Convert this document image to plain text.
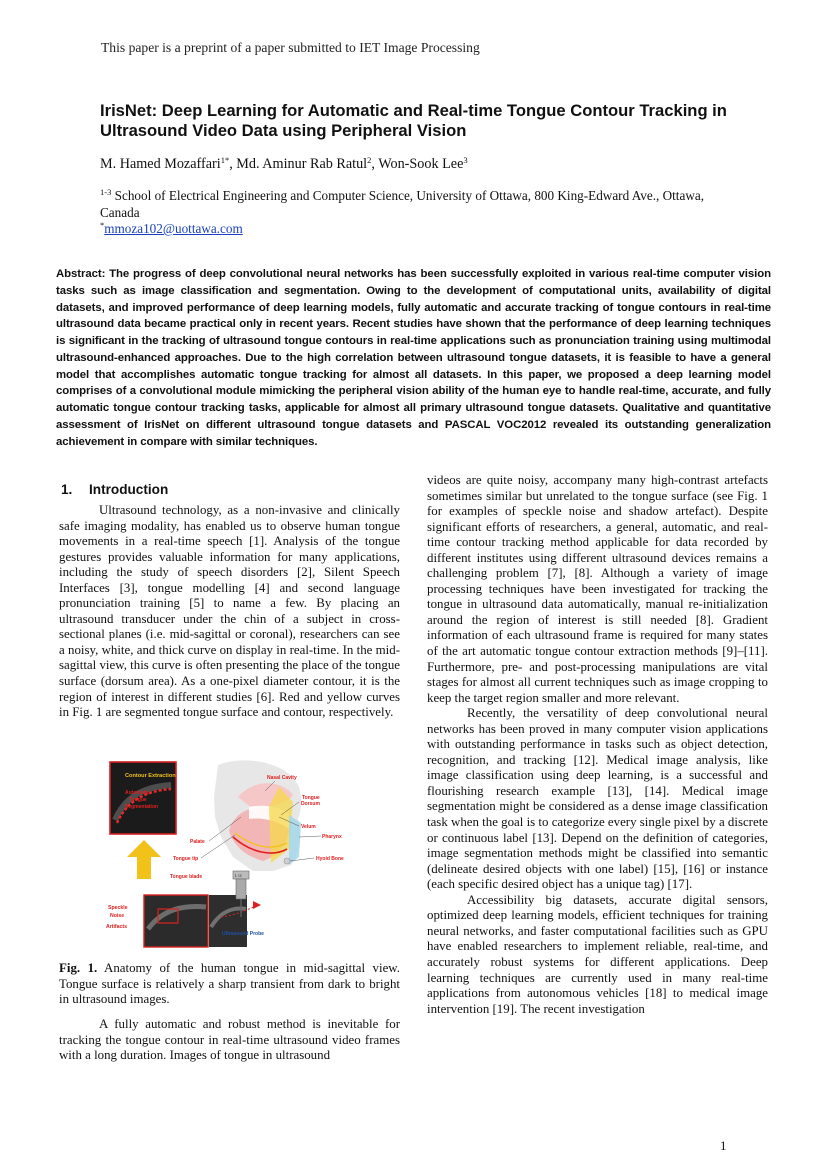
This paper is a preprint of a paper submitted to IET Image Processing
IrisNet: Deep Learning for Automatic and Real-time Tongue Contour Tracking in Ultrasound Video Data using Peripheral Vision
M. Hamed Mozaffari$^{1*}$, Md. Aminur Rab Ratul$^2$, Won-Sook Lee$^3$
$^{1-3}$ School of Electrical Engineering and Computer Science, University of Ottawa, 800 King-Edward Ave., Ottawa, Canada
*mmoza102@uottawa.com
Abstract: The progress of deep convolutional neural networks has been successfully exploited in various real-time computer vision tasks such as image classification and segmentation. Owing to the development of computational units, availability of digital datasets, and improved performance of deep learning models, fully automatic and accurate tracking of tongue contours in real-time ultrasound data became practical only in recent years. Recent studies have shown that the performance of deep learning techniques is significant in the tracking of ultrasound tongue contours in real-time applications such as pronunciation training using multimodal ultrasound-enhanced approaches. Due to the high correlation between ultrasound tongue datasets, it is feasible to have a general model that accomplishes automatic tongue tracking for almost all datasets. In this paper, we proposed a deep learning model comprises of a convolutional module mimicking the peripheral vision ability of the human eye to handle real-time, accurate, and fully automatic tongue contour tracking tasks, applicable for almost all primary ultrasound tongue datasets. Qualitative and quantitative assessment of IrisNet on different ultrasound tongue datasets and PASCAL VOC2012 revealed its outstanding generalization achievement in compare with similar techniques.
1. Introduction

Ultrasound technology, as a non-invasive and clinically safe imaging modality, has enabled us to observe human tongue movements in a real-time speech [1]. Analysis of the tongue gestures provides valuable information for many applications, including the study of speech disorders [2], Silent Speech Interfaces [3], tongue modelling [4] and second language pronunciation training [5] to name a few. By placing an ultrasound transducer under the chin of a subject in cross-sectional planes (i.e. mid-sagittal or coronal), researchers can see a noisy, white, and thick curve on display in real-time. In the mid-sagittal view, this curve is often presenting the place of the tongue surface (dorsum area). As a one-pixel diameter contour, it is the region of interest in different studies [6]. Red and yellow curves in Fig. 1 are segmented tongue surface and contour, respectively.

Contour Extraction
Automatic
Tongue
Segmentation
Speckle
Noise
Artifacts
L 14
Nasal Cavity
Tongue
Dorsum
Palate
Tongue tip
Velum
Pharynx
Hyoid Bone
Tongue blade
Ultrasound Probe
Fig. 1. Anatomy of the human tongue in mid-sagittal view. Tongue surface is relatively a sharp transient from dark to bright in ultrasound images.

A fully automatic and robust method is inevitable for tracking the tongue contour in real-time ultrasound video frames with a long duration. Images of tongue in ultrasound

videos are quite noisy, accompany many high-contrast artefacts sometimes similar but unrelated to the tongue surface (see Fig. 1 for examples of speckle noise and shadow artefact). Despite significant efforts of researchers, a general, automatic, and real-time contour tracking method applicable for data recorded by different institutes using different ultrasound devices remains a challenging problem [7], [8]. Although a variety of image processing techniques have been investigated for tracking the tongue in ultrasound data automatically, manual re-initialization around the region of interest is still needed [8]. Gradient information of each ultrasound frame is required for many states of the art automatic tongue contour extraction methods [9]–[11]. Furthermore, pre- and post-processing manipulations are vital stages for almost all current techniques such as image cropping to keep the target region smaller and more relevant.

Recently, the versatility of deep convolutional neural networks has been proved in many computer vision applications with outstanding performance in tasks such as object detection, recognition, and tracking [12]. Medical image analysis, like image classification using deep learning, is a successful and flourishing research example [13], [14]. Medical image segmentation might be considered as a dense image classification task when the goal is to categorize every single pixel by a discrete or continuous label [13]. Depend on the definition of categories, image segmentation methods might be classified into semantic (delineate desired objects with one label) [15], [16] or instance (each specific desired object has a unique tag) [17].

Accessibility big datasets, accurate digital sensors, optimized deep learning models, efficient techniques for training neural networks, and faster computational facilities such as GPU have enabled researchers to implement reliable, real-time, and accurately robust systems for different applications. Deep learning techniques are currently used in many real-time applications from autonomous vehicles [18] to medical image intervention [19]. The recent investigation

1
